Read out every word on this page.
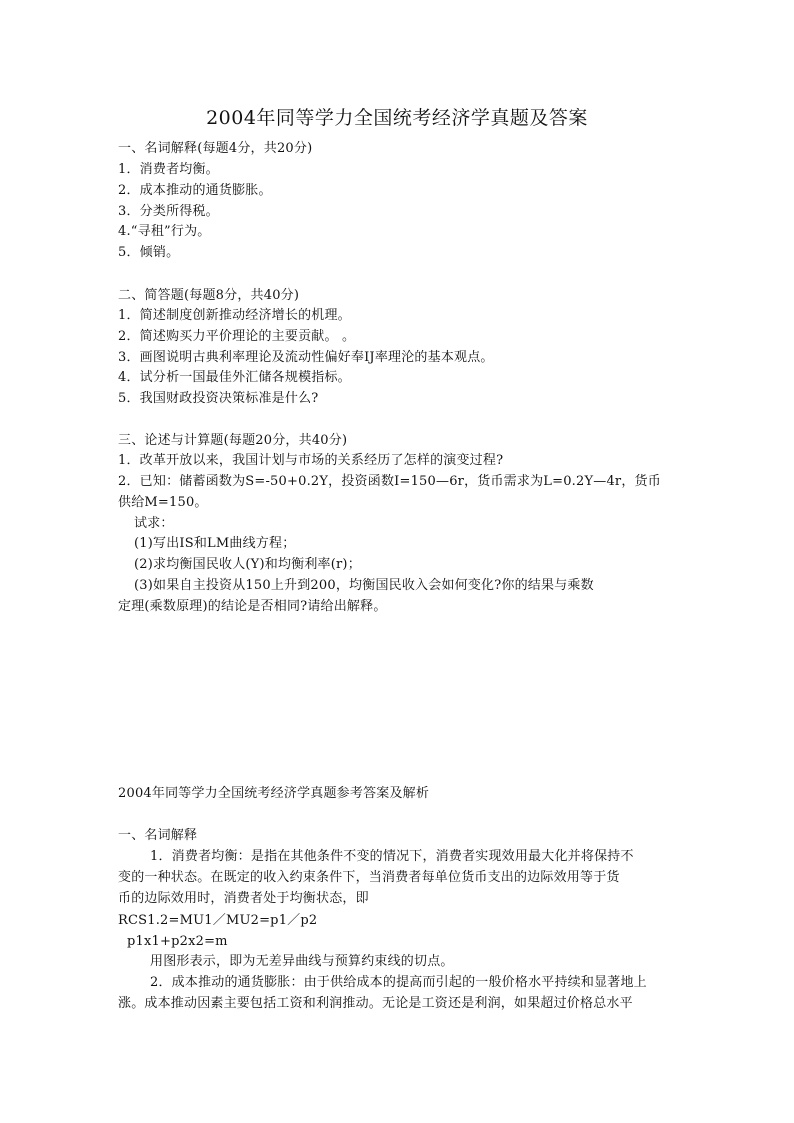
2004年同等学力全国统考经济学真题及答案
一、名词解释(每题4分，共20分)
1．消费者均衡。
2．成本推动的通货膨胀。
3．分类所得税。
4.“寻租”行为。
5．倾销。
二、简答题(每题8分，共40分)
1．简述制度创新推动经济增长的机理。
2．简述购买力平价理论的主要贡献。 。
3．画图说明古典利率理论及流动性偏好奉IJ率理沦的基本观点。
4．试分析一国最佳外汇储各规模指标。
5．我国财政投资决策标准是什么?
三、论述与计算题(每题20分，共40分)
1．改革开放以来，我国计划与市场的关系经历了怎样的演变过程?
2．已知：储蓄函数为S=-50+0.2Y，投资函数I=150—6r，货币需求为L=0.2Y—4r，货币
供给M=150。
试求：
(1)写出IS和LM曲线方程；
(2)求均衡国民收人(Y)和均衡利率(r)；
(3)如果自主投资从150上升到200，均衡国民收入会如何变化?你的结果与乘数
定理(乘数原理)的结论是否相同?请给出解释。
2004年同等学力全国统考经济学真题参考答案及解析
一、名词解释
1．消费者均衡：是指在其他条件不变的情况下，消费者实现效用最大化并将保持不
变的一种状态。在既定的收入约束条件下，当消费者每单位货币支出的边际效用等于货
币的边际效用时，消费者处于均衡状态，即
RCS1.2=MU1／MU2=p1／p2
p1x1+p2x2=m
用图形表示，即为无差异曲线与预算约束线的切点。
2．成本推动的通货膨胀：由于供给成本的提高而引起的一般价格水平持续和显著地上
涨。成本推动因素主要包括工资和利润推动。无论是工资还是利润，如果超过价格总水平
